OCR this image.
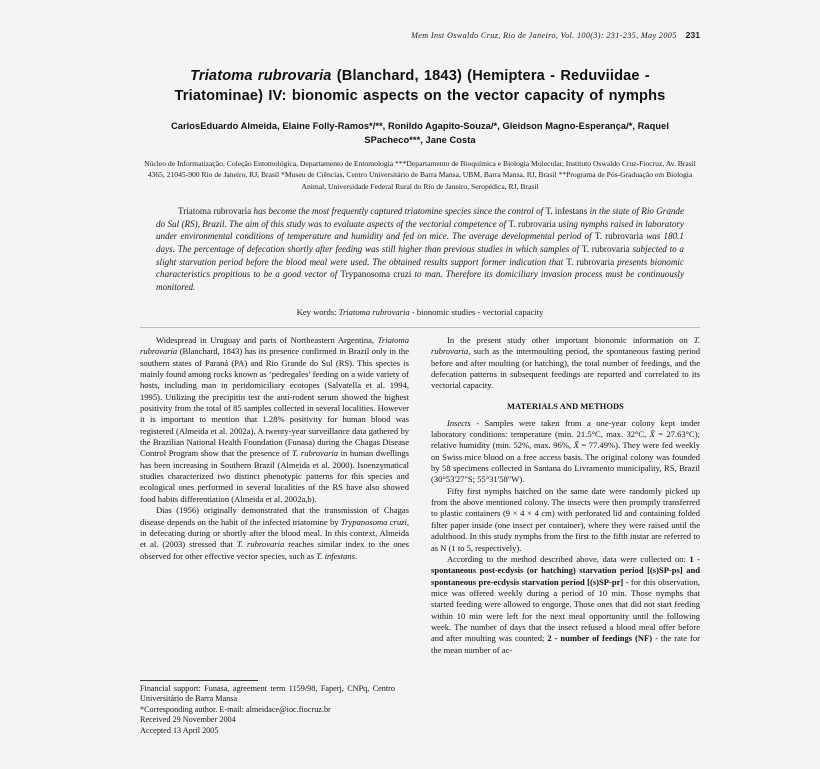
Mem Inst Oswaldo Cruz, Rio de Janeiro, Vol. 100(3): 231-235, May 2005 231
Triatoma rubrovaria (Blanchard, 1843) (Hemiptera - Reduviidae - Triatominae) IV: bionomic aspects on the vector capacity of nymphs
CarlosEduardo Almeida, Elaine Folly-Ramos*/**, Ronildo Agapito-Souza/*, Gleidson Magno-Esperança/*, Raquel SPacheco***, Jane Costa
Núcleo de Informatização, Coleção Entomológica, Departamento de Entomologia ***Departamento de Bioquímica e Biologia Molecular, Instituto Oswaldo Cruz-Fiocruz, Av. Brasil 4365, 21045-900 Rio de Janeiro, RJ, Brasil *Museu de Ciências, Centro Universitário de Barra Mansa, UBM, Barra Mansa, RJ, Brasil **Programa de Pós-Graduação em Biologia Animal, Universidade Federal Rural do Rio de Janeiro, Seropédica, RJ, Brasil
Triatoma rubrovaria has become the most frequently captured triatomine species since the control of T. infestans in the state of Rio Grande do Sul (RS), Brazil. The aim of this study was to evaluate aspects of the vectorial competence of T. rubrovaria using nymphs raised in laboratory under environmental conditions of temperature and humidity and fed on mice. The average developmental period of T. rubrovaria was 180.1 days. The percentage of defecation shortly after feeding was still higher than previous studies in which samples of T. rubrovaria subjected to a slight starvation period before the blood meal were used. The obtained results support former indication that T. rubrovaria presents bionomic characteristics propitious to be a good vector of Trypanosoma cruzi to man. Therefore its domiciliary invasion process must be continuously monitored.
Key words: Triatoma rubrovaria - bionomic studies - vectorial capacity

Widespread in Uruguay and parts of Northeastern Argentina, Triatoma rubrovaria (Blanchard, 1843) has its presence confirmed in Brazil only in the southern states of Paraná (PA) and Rio Grande do Sul (RS). This species is mainly found among rocks known as ‘pedregales’ feeding on a wide variety of hosts, including man in peridomiciliary ecotopes (Salvatella et al. 1994, 1995). Utilizing the precipitin test the anti-rodent serum showed the highest positivity from the total of 85 samples collected in several localities. However it is important to mention that 1.28% positivity for human blood was registered (Almeida et al. 2002a). A twenty-year surveillance data gathered by the Brazilian National Health Foundation (Funasa) during the Chagas Disease Control Program show that the presence of T. rubrovaria in human dwellings has been increasing in Southern Brazil (Almeida et al. 2000). Isoenzymatical studies characterized two distinct phenotypic patterns for this species and ecological ones performed in several localities of the RS have also showed food habits differentiation (Almeida et al. 2002a,b).

Dias (1956) originally demonstrated that the transmission of Chagas disease depends on the habit of the infected triatomine by Trypanosoma cruzi, in defecating during or shortly after the blood meal. In this context, Almeida et al. (2003) stressed that T. rubrovaria reaches similar index to the ones observed for other effective vector species, such as T. infestans.

Financial support: Funasa, agreement term 1159/98, Faperj, CNPq, Centro Universitário de Barra Mansa

*Corresponding author. E-mail: almeidace@ioc.fiocruz.br

Received 29 November 2004

Accepted 13 April 2005

In the present study other important bionomic information on T. rubrovaria, such as the intermoulting period, the spontaneous fasting period before and after moulting (or hatching), the total number of feedings, and the defecation patterns in subsequent feedings are reported and correlated to its vectorial capacity.

MATERIALS AND METHODS

Insects - Samples were taken from a one-year colony kept under laboratory conditions: temperature (min. 21.5°C, max. 32°C, X̄ = 27.63°C); relative humidity (min. 52%, max. 96%, X̄ = 77.49%). They were fed weekly on Swiss mice blood on a free access basis. The original colony was founded by 58 specimens collected in Santana do Livramento municipality, RS, Brazil (30°53'27"S; 55°31'58"W).

Fifty first nymphs hatched on the same date were randomly picked up from the above mentioned colony. The insects were then promptly transferred to plastic containers (9 × 4 × 4 cm) with perforated lid and containing folded filter paper inside (one insect per container), where they were raised until the adulthood. In this study nymphs from the first to the fifth instar are referred to as N (1 to 5, respectively).

According to the method described above, data were collected on: 1 - spontaneous post-ecdysis (or hatching) starvation period [(s)SP-ps] and spontaneous pre-ecdysis starvation period [(s)SP-pr] - for this observation, mice was offered weekly during a period of 10 min. Those nymphs that started feeding were allowed to engorge. Those ones that did not start feeding within 10 min were left for the next meal opportunity until the following week. The number of days that the insect refused a blood meal offer before and after moulting was counted; 2 - number of feedings (NF) - the rate for the mean number of ac-
